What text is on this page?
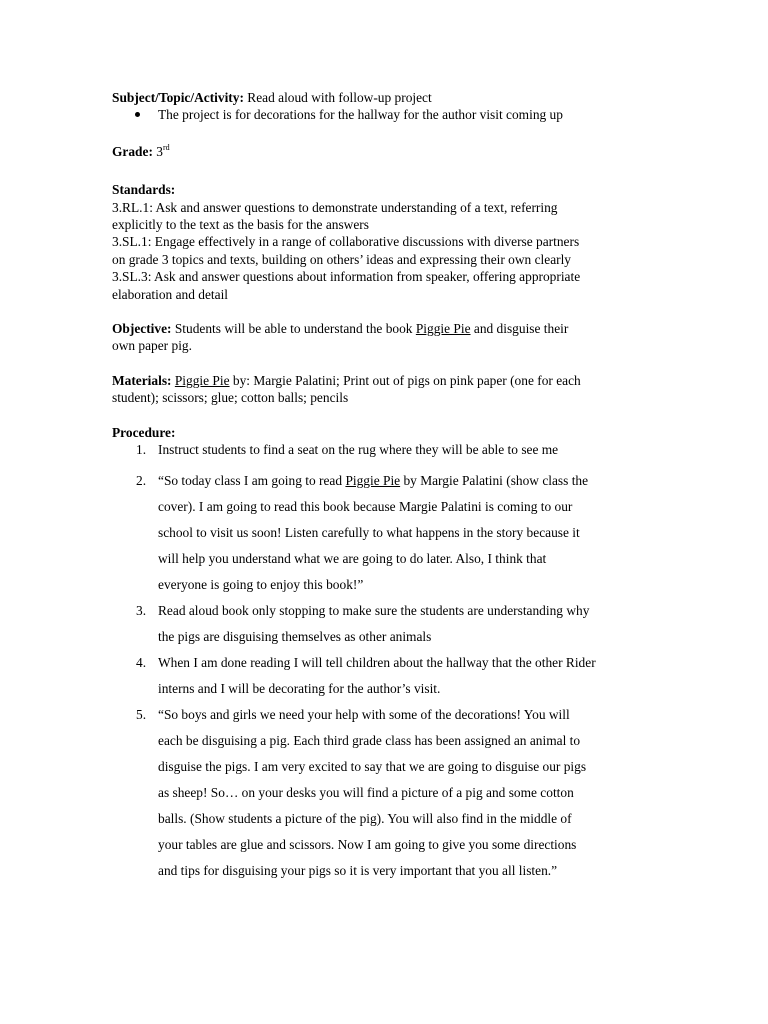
Subject/Topic/Activity: Read aloud with follow-up project

The project is for decorations for the hallway for the author visit coming up

Grade: 3rd

Standards:

3.RL.1: Ask and answer questions to demonstrate understanding of a text, referring

explicitly to the text as the basis for the answers

3.SL.1: Engage effectively in a range of collaborative discussions with diverse partners

on grade 3 topics and texts, building on others’ ideas and expressing their own clearly

3.SL.3: Ask and answer questions about information from speaker, offering appropriate

elaboration and detail

Objective: Students will be able to understand the book Piggie Pie and disguise their

own paper pig.

Materials: Piggie Pie by: Margie Palatini; Print out of pigs on pink paper (one for each

student); scissors; glue; cotton balls; pencils

Procedure:

1. Instruct students to find a seat on the rug where they will be able to see me
2. “So today class I am going to read Piggie Pie by Margie Palatini (show class the
cover). I am going to read this book because Margie Palatini is coming to our
school to visit us soon! Listen carefully to what happens in the story because it
will help you understand what we are going to do later. Also, I think that
everyone is going to enjoy this book!”
3. Read aloud book only stopping to make sure the students are understanding why
the pigs are disguising themselves as other animals
4. When I am done reading I will tell children about the hallway that the other Rider
interns and I will be decorating for the author’s visit.
5. “So boys and girls we need your help with some of the decorations! You will
each be disguising a pig. Each third grade class has been assigned an animal to
disguise the pigs. I am very excited to say that we are going to disguise our pigs
as sheep! So… on your desks you will find a picture of a pig and some cotton
balls. (Show students a picture of the pig). You will also find in the middle of
your tables are glue and scissors. Now I am going to give you some directions
and tips for disguising your pigs so it is very important that you all listen.”
